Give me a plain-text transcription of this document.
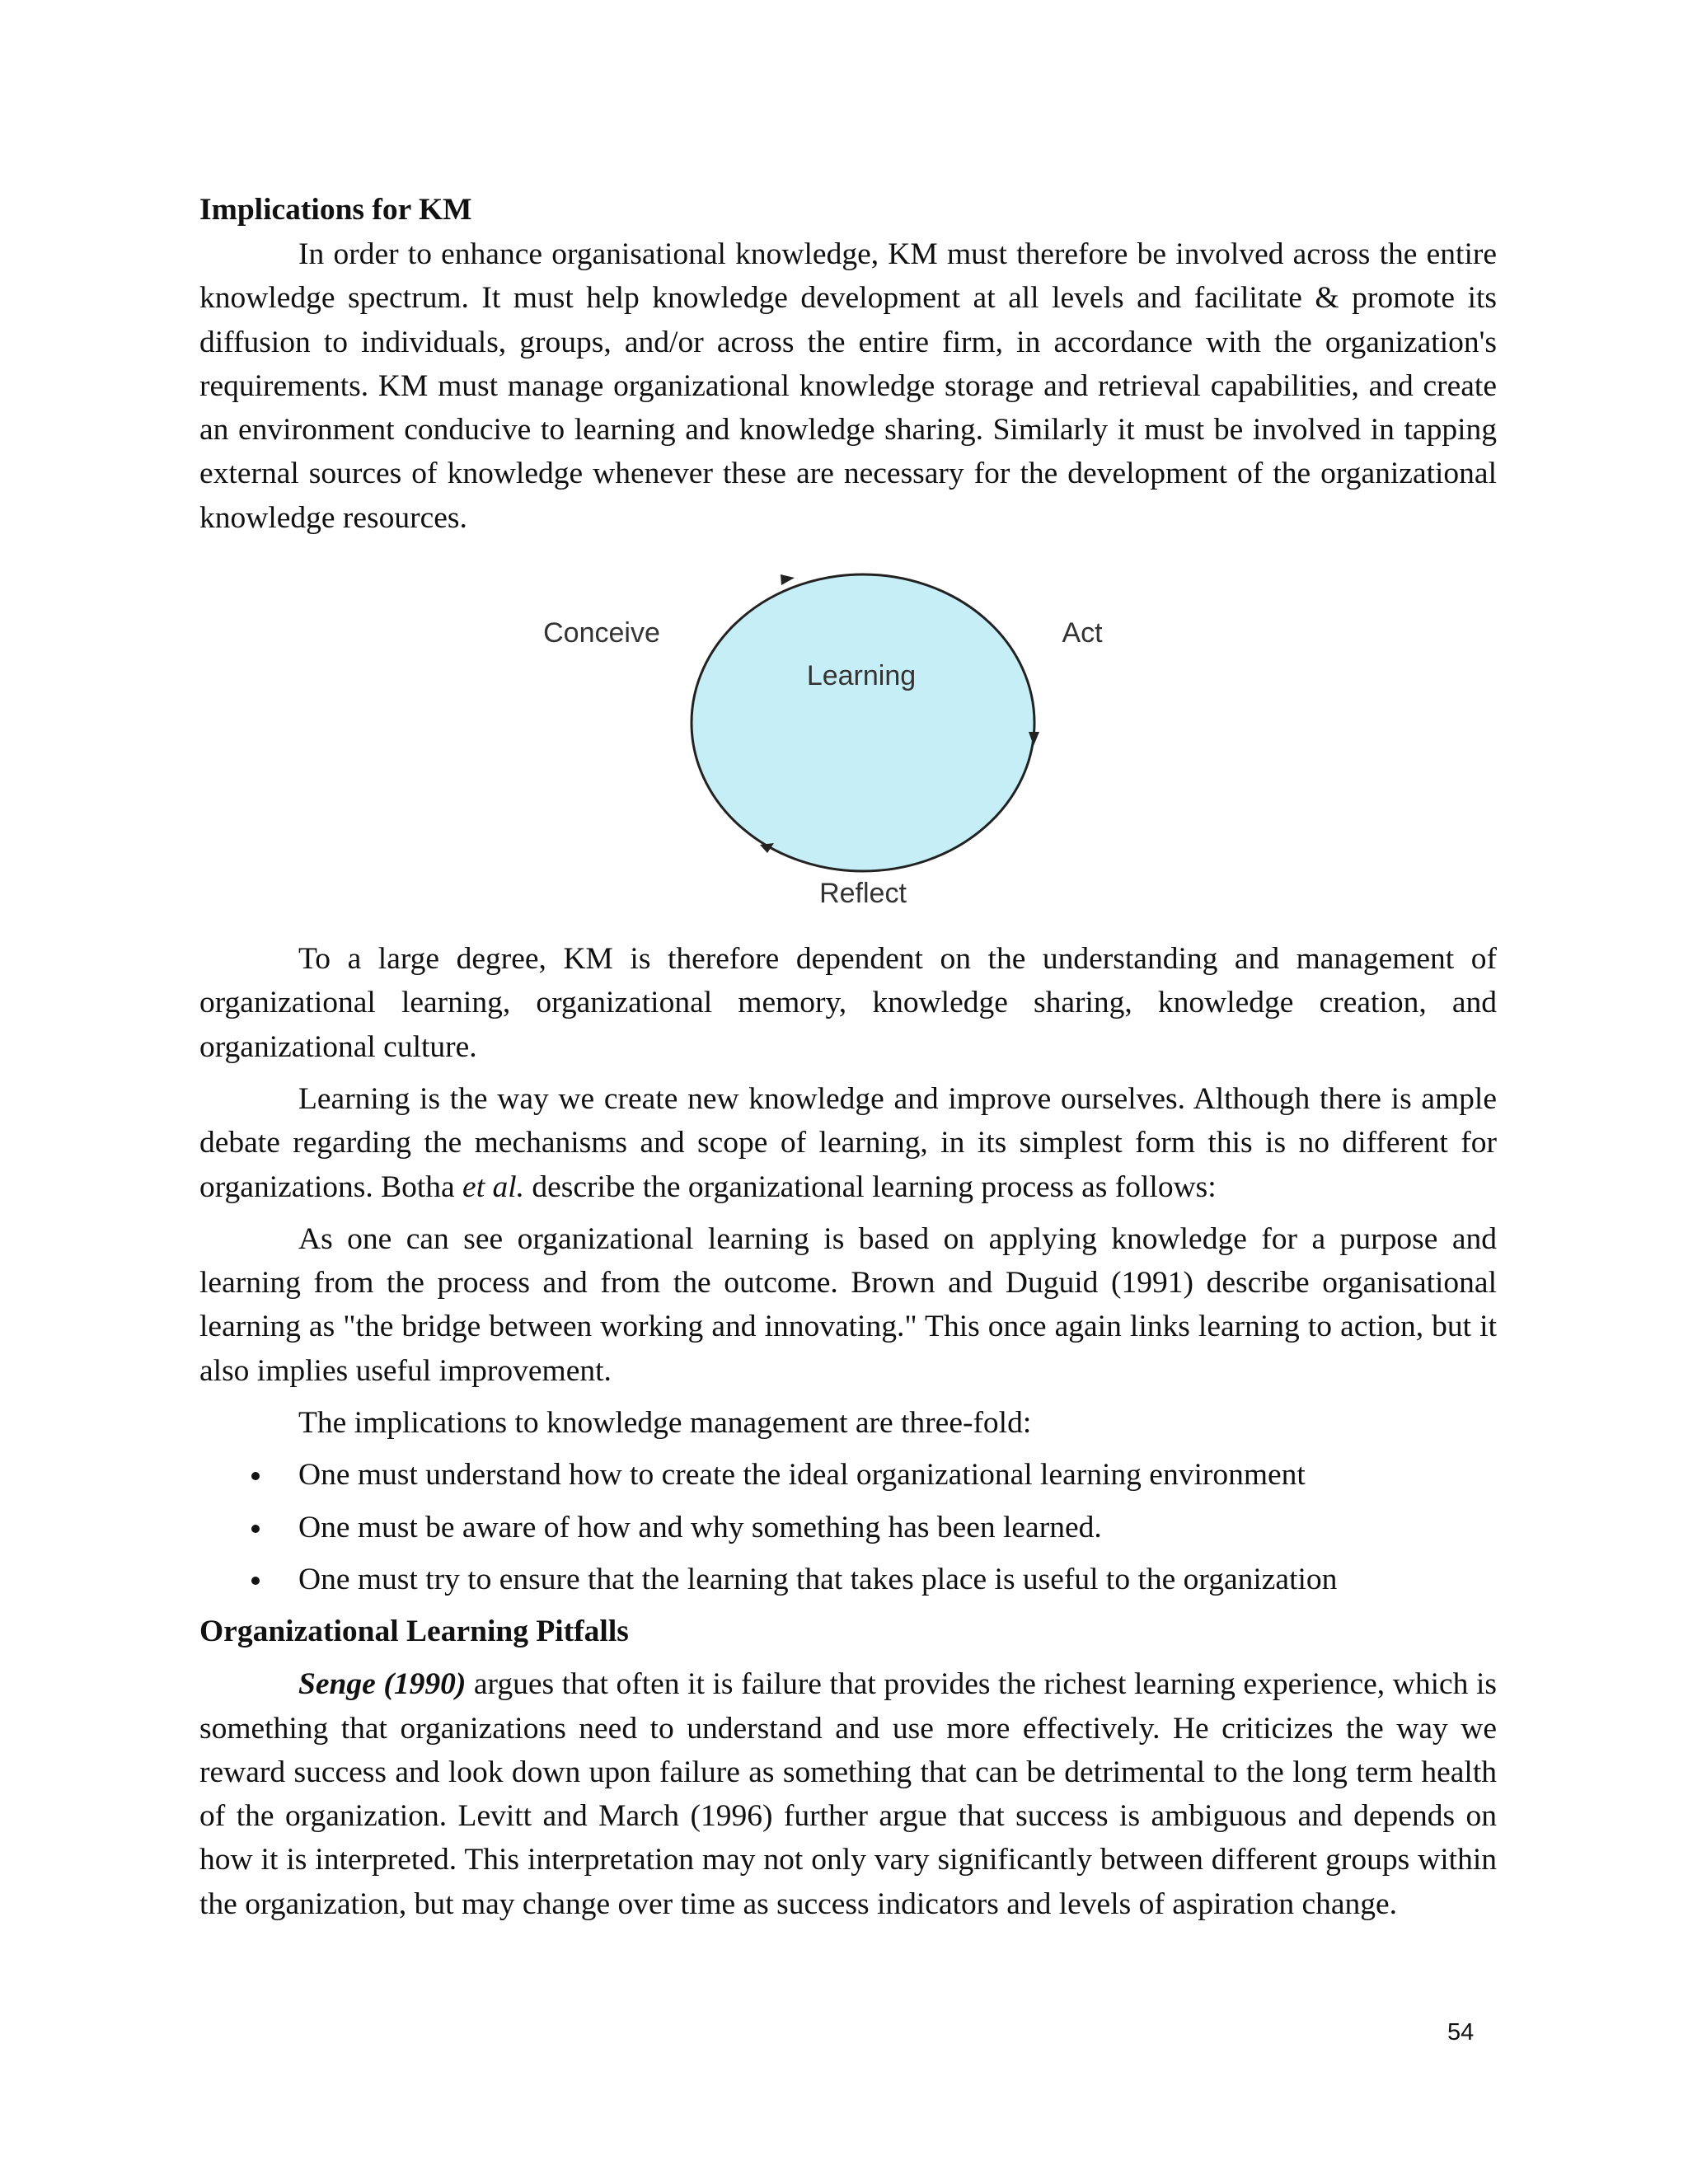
Implications for KM

In order to enhance organisational knowledge, KM must therefore be involved across the entire knowledge spectrum. It must help knowledge development at all levels and facilitate & promote its diffusion to individuals, groups, and/or across the entire firm, in accordance with the organization's requirements. KM must manage organizational knowledge storage and retrieval capabilities, and create an environment conducive to learning and knowledge sharing. Similarly it must be involved in tapping external sources of knowledge whenever these are necessary for the development of the organizational knowledge resources.

Learning
Conceive	Act
Reflect

To a large degree, KM is therefore dependent on the understanding and management of organizational learning, organizational memory, knowledge sharing, knowledge creation, and organizational culture.

Learning is the way we create new knowledge and improve ourselves. Although there is ample debate regarding the mechanisms and scope of learning, in its simplest form this is no different for organizations. Botha et al. describe the organizational learning process as follows:

As one can see organizational learning is based on applying knowledge for a purpose and learning from the process and from the outcome. Brown and Duguid (1991) describe organisational learning as "the bridge between working and innovating." This once again links learning to action, but it also implies useful improvement.

The implications to knowledge management are three-fold:

One must understand how to create the ideal organizational learning environment
One must be aware of how and why something has been learned.
One must try to ensure that the learning that takes place is useful to the organization

Organizational Learning Pitfalls

Senge (1990) argues that often it is failure that provides the richest learning experience, which is something that organizations need to understand and use more effectively. He criticizes the way we reward success and look down upon failure as something that can be detrimental to the long term health of the organization. Levitt and March (1996) further argue that success is ambiguous and depends on how it is interpreted. This interpretation may not only vary significantly between different groups within the organization, but may change over time as success indicators and levels of aspiration change.

54
